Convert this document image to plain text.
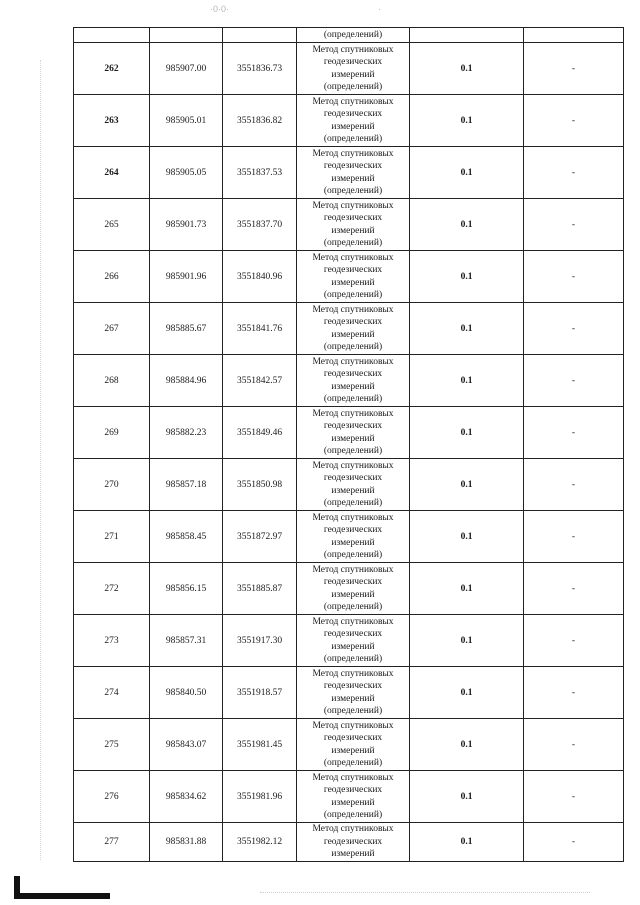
·0·0·	·
			(определений)		
262	985907.00	3551836.73	Метод спутниковых
геодезических
измерений
(определений)	0.1	-
263	985905.01	3551836.82	Метод спутниковых
геодезических
измерений
(определений)	0.1	-
264	985905.05	3551837.53	Метод спутниковых
геодезических
измерений
(определений)	0.1	-
265	985901.73	3551837.70	Метод спутниковых
геодезических
измерений
(определений)	0.1	-
266	985901.96	3551840.96	Метод спутниковых
геодезических
измерений
(определений)	0.1	-
267	985885.67	3551841.76	Метод спутниковых
геодезических
измерений
(определений)	0.1	-
268	985884.96	3551842.57	Метод спутниковых
геодезических
измерений
(определений)	0.1	-
269	985882.23	3551849.46	Метод спутниковых
геодезических
измерений
(определений)	0.1	-
270	985857.18	3551850.98	Метод спутниковых
геодезических
измерений
(определений)	0.1	-
271	985858.45	3551872.97	Метод спутниковых
геодезических
измерений
(определений)	0.1	-
272	985856.15	3551885.87	Метод спутниковых
геодезических
измерений
(определений)	0.1	-
273	985857.31	3551917.30	Метод спутниковых
геодезических
измерений
(определений)	0.1	-
274	985840.50	3551918.57	Метод спутниковых
геодезических
измерений
(определений)	0.1	-
275	985843.07	3551981.45	Метод спутниковых
геодезических
измерений
(определений)	0.1	-
276	985834.62	3551981.96	Метод спутниковых
геодезических
измерений
(определений)	0.1	-
277	985831.88	3551982.12	Метод спутниковых
геодезических
измерений	0.1	-
